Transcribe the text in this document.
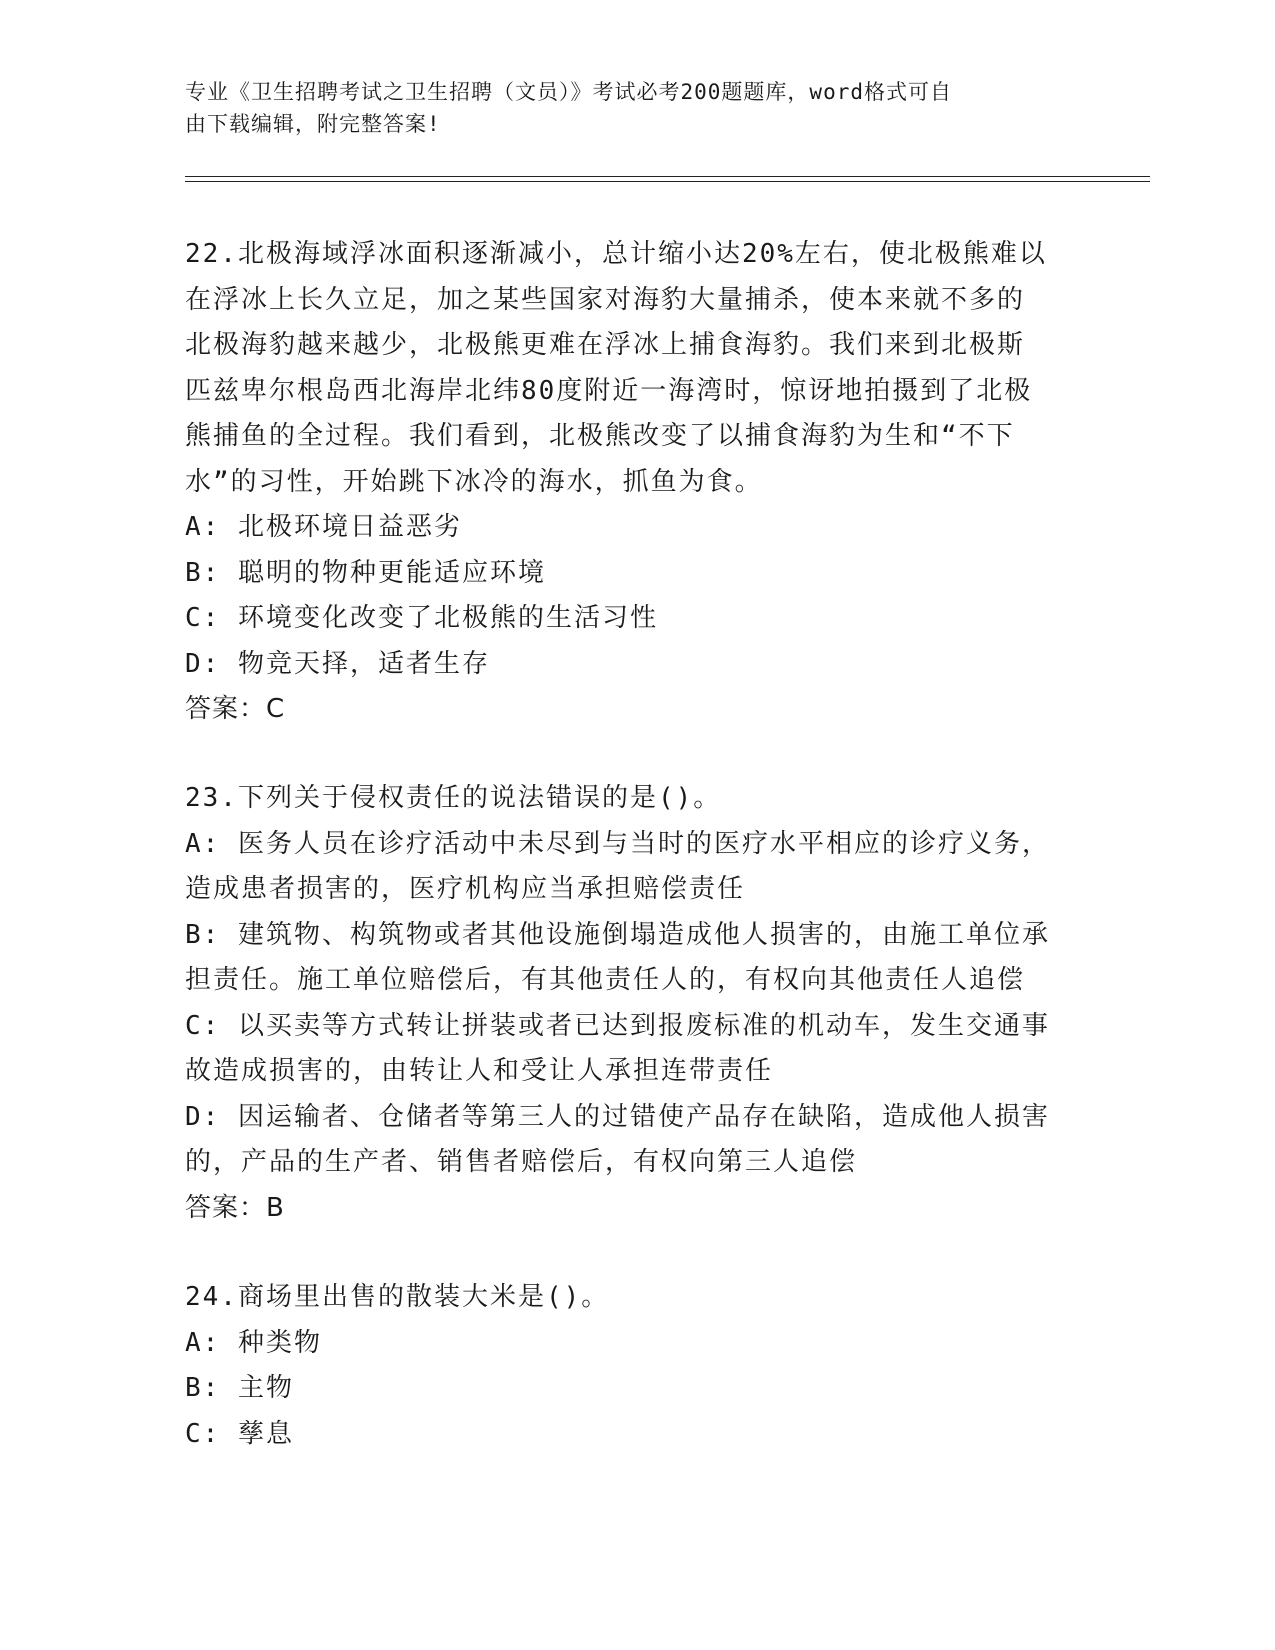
专业《卫生招聘考试之卫生招聘（文员）》考试必考200题题库，word格式可自
由下载编辑，附完整答案!
22.北极海域浮冰面积逐渐减小，总计缩小达20%左右，使北极熊难以
在浮冰上长久立足，加之某些国家对海豹大量捕杀，使本来就不多的
北极海豹越来越少，北极熊更难在浮冰上捕食海豹。我们来到北极斯
匹兹卑尔根岛西北海岸北纬80度附近一海湾时，惊讶地拍摄到了北极
熊捕鱼的全过程。我们看到，北极熊改变了以捕食海豹为生和“不下
水”的习性，开始跳下冰冷的海水，抓鱼为食。
A: 北极环境日益恶劣
B: 聪明的物种更能适应环境
C: 环境变化改变了北极熊的生活习性
D: 物竞天择，适者生存
答案：C
23.下列关于侵权责任的说法错误的是()。
A: 医务人员在诊疗活动中未尽到与当时的医疗水平相应的诊疗义务，
造成患者损害的，医疗机构应当承担赔偿责任
B: 建筑物、构筑物或者其他设施倒塌造成他人损害的，由施工单位承
担责任。施工单位赔偿后，有其他责任人的，有权向其他责任人追偿
C: 以买卖等方式转让拼装或者已达到报废标准的机动车，发生交通事
故造成损害的，由转让人和受让人承担连带责任
D: 因运输者、仓储者等第三人的过错使产品存在缺陷，造成他人损害
的，产品的生产者、销售者赔偿后，有权向第三人追偿
答案：B
24.商场里出售的散装大米是()。
A: 种类物
B: 主物
C: 孳息
